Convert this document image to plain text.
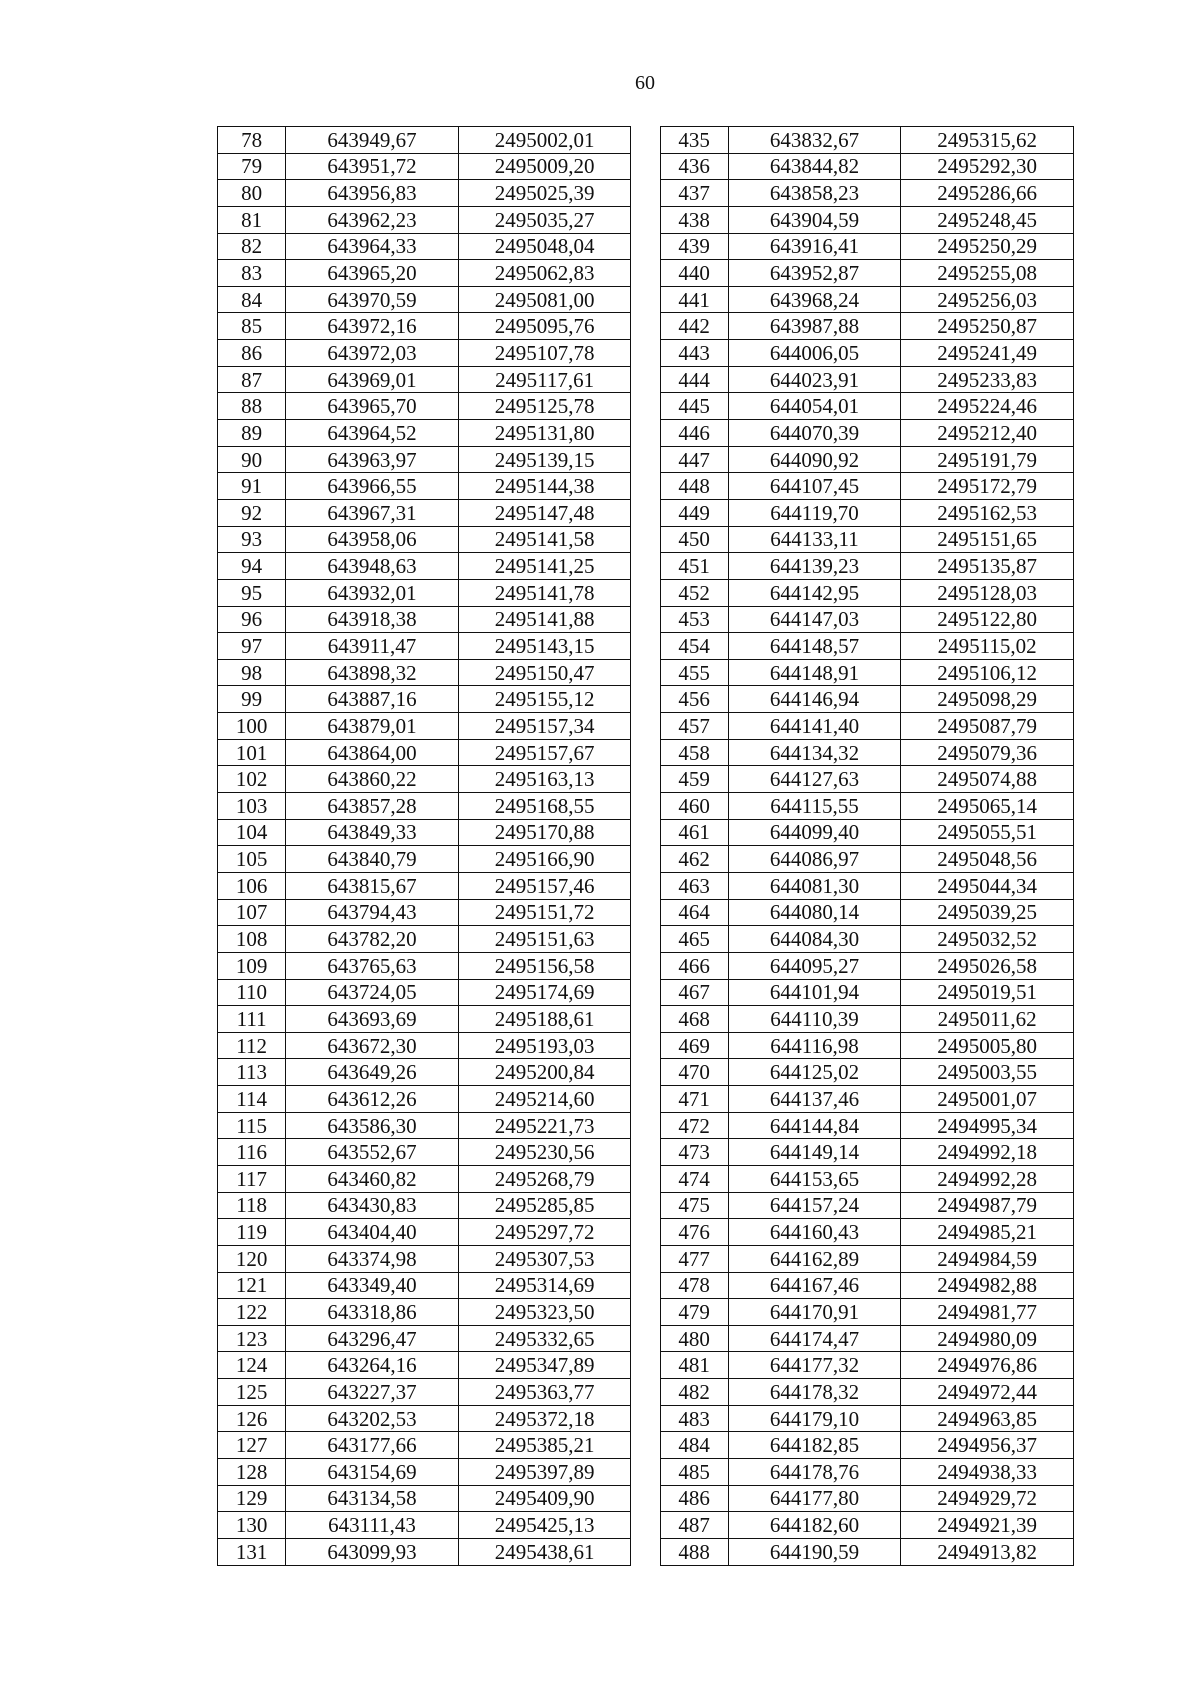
60
78	643949,67	2495002,01		435	643832,67	2495315,62
79	643951,72	2495009,20		436	643844,82	2495292,30
80	643956,83	2495025,39		437	643858,23	2495286,66
81	643962,23	2495035,27		438	643904,59	2495248,45
82	643964,33	2495048,04		439	643916,41	2495250,29
83	643965,20	2495062,83		440	643952,87	2495255,08
84	643970,59	2495081,00		441	643968,24	2495256,03
85	643972,16	2495095,76		442	643987,88	2495250,87
86	643972,03	2495107,78		443	644006,05	2495241,49
87	643969,01	2495117,61		444	644023,91	2495233,83
88	643965,70	2495125,78		445	644054,01	2495224,46
89	643964,52	2495131,80		446	644070,39	2495212,40
90	643963,97	2495139,15		447	644090,92	2495191,79
91	643966,55	2495144,38		448	644107,45	2495172,79
92	643967,31	2495147,48		449	644119,70	2495162,53
93	643958,06	2495141,58		450	644133,11	2495151,65
94	643948,63	2495141,25		451	644139,23	2495135,87
95	643932,01	2495141,78		452	644142,95	2495128,03
96	643918,38	2495141,88		453	644147,03	2495122,80
97	643911,47	2495143,15		454	644148,57	2495115,02
98	643898,32	2495150,47		455	644148,91	2495106,12
99	643887,16	2495155,12		456	644146,94	2495098,29
100	643879,01	2495157,34		457	644141,40	2495087,79
101	643864,00	2495157,67		458	644134,32	2495079,36
102	643860,22	2495163,13		459	644127,63	2495074,88
103	643857,28	2495168,55		460	644115,55	2495065,14
104	643849,33	2495170,88		461	644099,40	2495055,51
105	643840,79	2495166,90		462	644086,97	2495048,56
106	643815,67	2495157,46		463	644081,30	2495044,34
107	643794,43	2495151,72		464	644080,14	2495039,25
108	643782,20	2495151,63		465	644084,30	2495032,52
109	643765,63	2495156,58		466	644095,27	2495026,58
110	643724,05	2495174,69		467	644101,94	2495019,51
111	643693,69	2495188,61		468	644110,39	2495011,62
112	643672,30	2495193,03		469	644116,98	2495005,80
113	643649,26	2495200,84		470	644125,02	2495003,55
114	643612,26	2495214,60		471	644137,46	2495001,07
115	643586,30	2495221,73		472	644144,84	2494995,34
116	643552,67	2495230,56		473	644149,14	2494992,18
117	643460,82	2495268,79		474	644153,65	2494992,28
118	643430,83	2495285,85		475	644157,24	2494987,79
119	643404,40	2495297,72		476	644160,43	2494985,21
120	643374,98	2495307,53		477	644162,89	2494984,59
121	643349,40	2495314,69		478	644167,46	2494982,88
122	643318,86	2495323,50		479	644170,91	2494981,77
123	643296,47	2495332,65		480	644174,47	2494980,09
124	643264,16	2495347,89		481	644177,32	2494976,86
125	643227,37	2495363,77		482	644178,32	2494972,44
126	643202,53	2495372,18		483	644179,10	2494963,85
127	643177,66	2495385,21		484	644182,85	2494956,37
128	643154,69	2495397,89		485	644178,76	2494938,33
129	643134,58	2495409,90		486	644177,80	2494929,72
130	643111,43	2495425,13		487	644182,60	2494921,39
131	643099,93	2495438,61		488	644190,59	2494913,82
